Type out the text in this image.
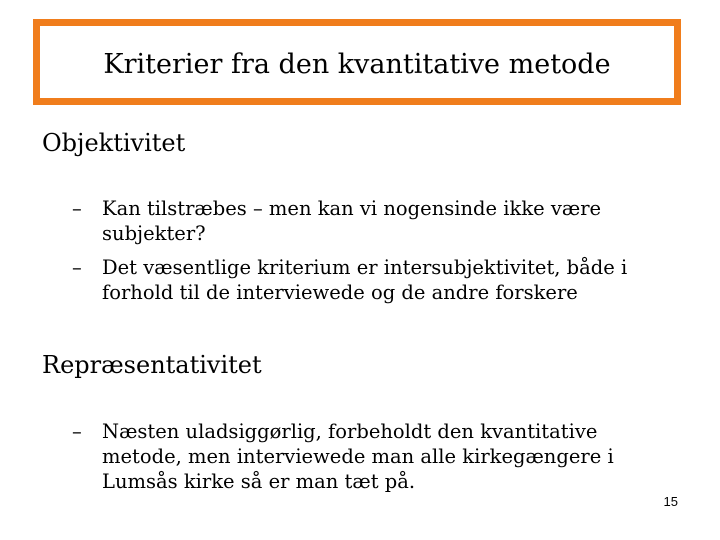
Kriterier fra den kvantitative metode
Objektivitet
–	Kan tilstræbes – men kan vi nogensinde ikke være subjekter?
–	Det væsentlige kriterium er intersubjektivitet, både i forhold til de interviewede og de andre forskere
Repræsentativitet
–	Næsten uladsiggørlig, forbeholdt den kvantitative metode, men interviewede man alle kirkegængere i Lumsås kirke så er man tæt på.
15
